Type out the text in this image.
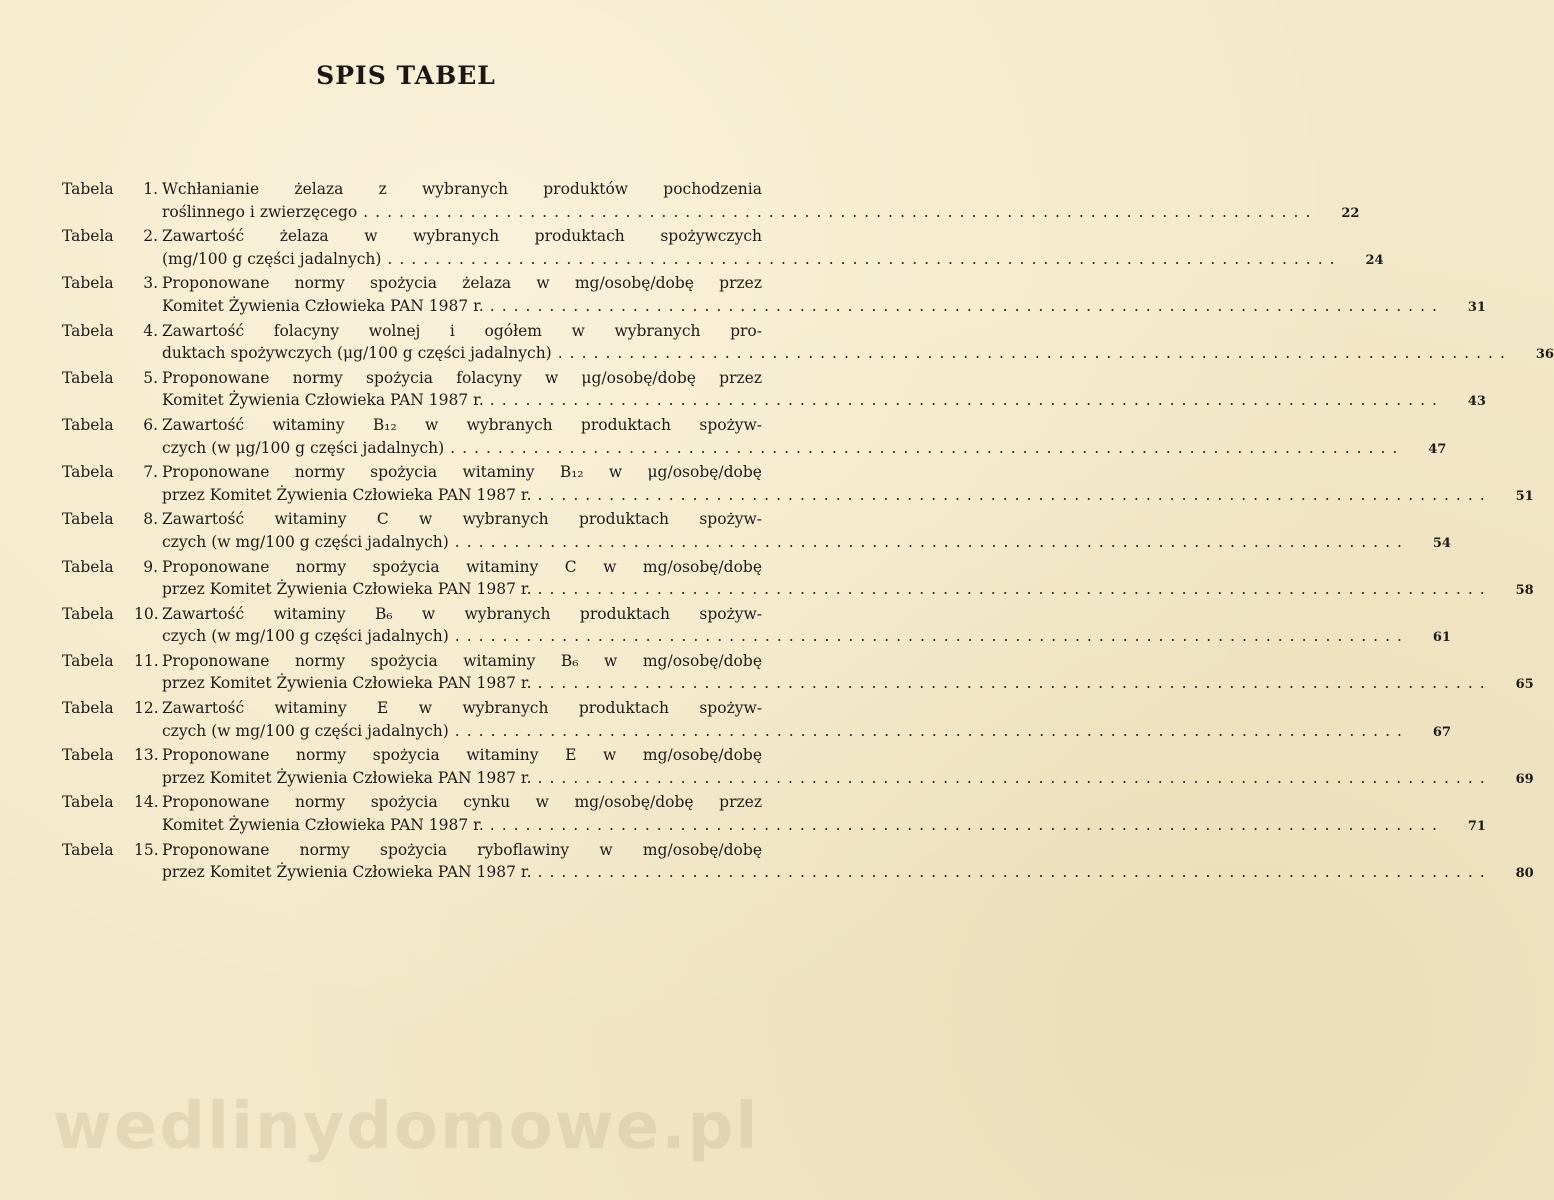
SPIS TABEL
Tabela	1. Wchłanianie żelaza z wybranych produktów pochodzenia
roślinnego i zwierzęcego ................................................................................	22
Tabela	2. Zawartość żelaza w wybranych produktach spożywczych
(mg/100 g części jadalnych) ................................................................................	24
Tabela	3. Proponowane normy spożycia żelaza w mg/osobę/dobę przez
Komitet Żywienia Człowieka PAN 1987 r. ................................................................................	31
Tabela	4. Zawartość folacyny wolnej i ogółem w wybranych pro-
duktach spożywczych (μg/100 g części jadalnych) ................................................................................	36
Tabela	5. Proponowane normy spożycia folacyny w μg/osobę/dobę przez
Komitet Żywienia Człowieka PAN 1987 r. ................................................................................	43
Tabela	6. Zawartość witaminy B₁₂ w wybranych produktach spożyw-
czych (w μg/100 g części jadalnych) ................................................................................	47
Tabela	7. Proponowane normy spożycia witaminy B₁₂ w μg/osobę/dobę
przez Komitet Żywienia Człowieka PAN 1987 r. ................................................................................	51
Tabela	8. Zawartość witaminy C w wybranych produktach spożyw-
czych (w mg/100 g części jadalnych) ................................................................................	54
Tabela	9. Proponowane normy spożycia witaminy C w mg/osobę/dobę
przez Komitet Żywienia Człowieka PAN 1987 r. ................................................................................	58
Tabela	10. Zawartość witaminy B₆ w wybranych produktach spożyw-
czych (w mg/100 g części jadalnych) ................................................................................	61
Tabela	11. Proponowane normy spożycia witaminy B₆ w mg/osobę/dobę
przez Komitet Żywienia Człowieka PAN 1987 r. ................................................................................	65
Tabela	12. Zawartość witaminy E w wybranych produktach spożyw-
czych (w mg/100 g części jadalnych) ................................................................................	67
Tabela	13. Proponowane normy spożycia witaminy E w mg/osobę/dobę
przez Komitet Żywienia Człowieka PAN 1987 r. ................................................................................	69
Tabela	14. Proponowane normy spożycia cynku w mg/osobę/dobę przez
Komitet Żywienia Człowieka PAN 1987 r. ................................................................................	71
Tabela	15. Proponowane normy spożycia ryboflawiny w mg/osobę/dobę
przez Komitet Żywienia Człowieka PAN 1987 r. ................................................................................	80
wedlinydomowe.pl
